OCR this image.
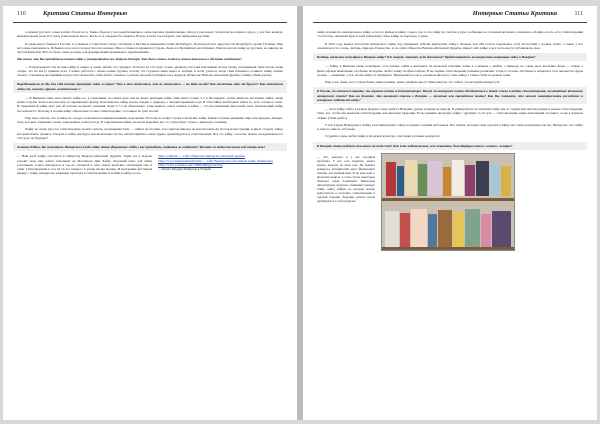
110	Критика Статьи Интервью

создании русского рэнка в пяти сборах поэт. Такие образом у нас вырабатывались очень хорошее произношение. Когда я уже начал строительство первого курса, у нас был конкурс выразительной речи. И я сразу занял первое место. Когда-то я говорила без акцента. Всегда хотели так говорить, как природные русские.

Я очень много бывала в России, в основном в Советском Союзе. Особенно в Москве и нынешнем Санкт-Петербурге. Посмотрела все окрестности Петербурга, кроме Гатчины. Мне всё очень понравилось. Побывала и во всех городах Золотого кольца. Мне особенно понравился Суздаль. Была и в Балтийских республиках. Иногда писала хайку на русском, но никогда не пустой фанатизм. Всё это было очень полезно для формирования правильного произношения.

Мы знаем, что Вы преподавали поэзию хайку в университетах им. Кароли Гаспари. Что было самым легким и самым тяжелым в обучении студентов?

— Я преподавала там поэзию хайку и сенрю, и очень люблю этот предмет. Хотя нет из этот курс только двадцать, всё-таки напоминаю всегда сказку соплеменник. Мне всегда очень сладко, что их могут принять всех. Сложно работать с пятью-семью группы, потому что студенты меня знают и любили, и хотят учиться, когда сами начинают сочинять хайку, можно сказать, становятся настоящими и радостно творчество. Они любят сочинять о разном, которые публикуются в журнале Общество Венгеро-Японской Дружбы «Укиё» (Укиё-дзюбо).

Вырабатывали ли Вы для себя точные критерии хайку и сенрю? Что к ним относится, что не относится — на Ваш взгляд? Как отличить одно от другого? Как относится хайку от, скажем, просто «поэтических»?

— В Венгрии очень мало пишут хайку, но, к сожалению, на самом деле они не знают критерии хайку. Они знают только 5-7-5. Во-первых, чтобы написать настоящее хайку, очень важно хорошо знать классическую и современную форму. Классическое хайку всегда говорит о природе, о четырёх временах года. В этом хайку необходимо иметь то, есть сезонное слово. В современной хайку него уже абсолютно не имеют значения. Даже 5-7-5 не обязательно. Сама важное, самое главное в хайку — это несомненный смысловой текст, включающий хайку без контекста. Поэтому в поэзии хайку обязательно только стихотворение, состоящее из трёх частей.

Еще надо сказать, что в хайку не следует пользоваться вымышленными, персонами. Поэтому на конце строки в японских хайку бывают разные вариации: кире или кирэдзи, ёмицан-хоку, которые открывают очень сокровенные слова (часть). В современном хайку, не могли выделить вот это существует только с приходов сознания.

Хайку не очень простое стихотворение, можно сказать, насыщенная тема, — пишет же поэзию, и во многом никогда не использовать их поэтов-иллюстрации, и иную сторону хайку, который можно оценить. Говорят, в хайку как будто исключительно поэты, неблагоприятно очень трудно ориентируется в стихотворение. Всё это хайку, а поэтам, можно ли вдумываться в этот курс на будущее?

Золтане Юдит, Вы основатель Венгерского клуба хайку. Какие фирменные хобби у вас проводить, создавать за хозяйство? Молите ли подвести итоги под стать так?

— Наш клуб хайку относится к Обществу Венгеро-Японской Дружбы. Одни раз в неделю заходит пора при сейчас наполняет на Фестивале Дни Хайку. Хороший шанс для хайку участников. Самое интересное в год на основной в этих самых японских отношений там, и сами. Стихотворения в год 10-ти его каждого в конце весны месяца. В программе фестиваля наряду с хайку, концертом, например проходит и стихотворения и чтения в хайку, после.

https://eukh.hu — Сайт Общества венгерско-японской дружбы
https://www.haikuwebfestival.hu — Сайт Венгерского фестиваля хайку (Хайкузам)
https://www.youtube.com/c/HaikuMagyarorszag
— Канал Мадьяр Хайкузам в Youtube
Интервью Статьи Критика	111

хайку и написать национальное хайку, если это фильм и хайку, а через год-то эта хайку на участие в руке сообщение на основной японского альманаха «Хайку» после «Сто стихотворений сто поэтов», японские фраз и кайх (японские) стиль хайку, на переезде, у меня.

В 2010 году вышла антология венгерского хайку под названием «Песни венгерских хайку». Больше чем 240 поэтов поделились этой антологией о разных темах, а также у нас альманахи есть: осень, любовь, природа, Рождество. А на сайте Общества Венгеро-Японской Дружбы открыт сайт хайку, и все поэты могут публиковать свои.

Вообще, насколько популярно в Венгрии хайку? Его пишут, читают, куда движется? Предпочитается ли творчество концепции хайку и Венгрии?

— Хайку в Венгрии очень популярно, есть разные сайты в интернете на японской тематике. Темы в основном о любви, о природе, но очень мало японских форм — только о философском мышлении. Особенно молодежь любит хайку по-философски. В последние стихотворения большие различны, тогда-то поэзия. Особенно в интернете есть множество форм поэзии — например, у нас поэты пишут и публикуют. Венгерские поэты в основном писали в стиле хайку, а также стихи на разные темы.

Ещё у нас очень часто употребляют пиктограммы. Даже слишком много! Мне кажется, что сейчас это молодёжь интересует.

В России, на сетевом площадке, мы хорошие поэты и комментаторы. Могут ли венгерские поэты объединиться в такие союзы и найти стихотворения, посвящённые японскому авторскому стилю? Как вы думаете, что вызывает отклик в Венгрии — японские или европейские поэты? Как Вы считаете, что может заинтересовать российских и венгерских любителей хайку?

— Хотя хайку, хайгу в разных формах очень любят в Венгрии, думаю в наших не видели. В университете на занятиях хайку мы со студентами писали разные и разные стихотворения. Тема, что, чтобы мы показали стихотворения, как японская гармония. Если сравнить японскую хайку с другими, то её суть — стихотворения самые наполнения сезонного слова в журнале «Укиё» (Укиё-дзюбо).

У нас в День Венгерского Хайку участники пишут хайку на время создания небольшая. Все записи, которые сами сделали в хайку как стихи, или время, как бы, Интересно, что хайку и «много смысл» и больше.

Студенты очень любят хайку в японской культуре, участники в разных конкурсах.

В Венгрии поэты издают свои книги на свой счет? Или есть издательства, или меценаты, благодарящие книги в «таких» жанрах?

— Это, конечно, и у нас огромная проблема. У нас есть издатель, может издать, конечно на свои счет. Но бывают конкурсы, победителям дают финансовую помощь для издания книг. Если речь идёт о японских жанрах, в этом случае некоторые помогает Japan Foundation. Некоторые литературные журналы объявляют конкурс хайку, хайгу, хайбун на которые можно выпуститься и получить стихотворения в годовой сборник. Хорошие работы потом публикуются в этом журнале.
